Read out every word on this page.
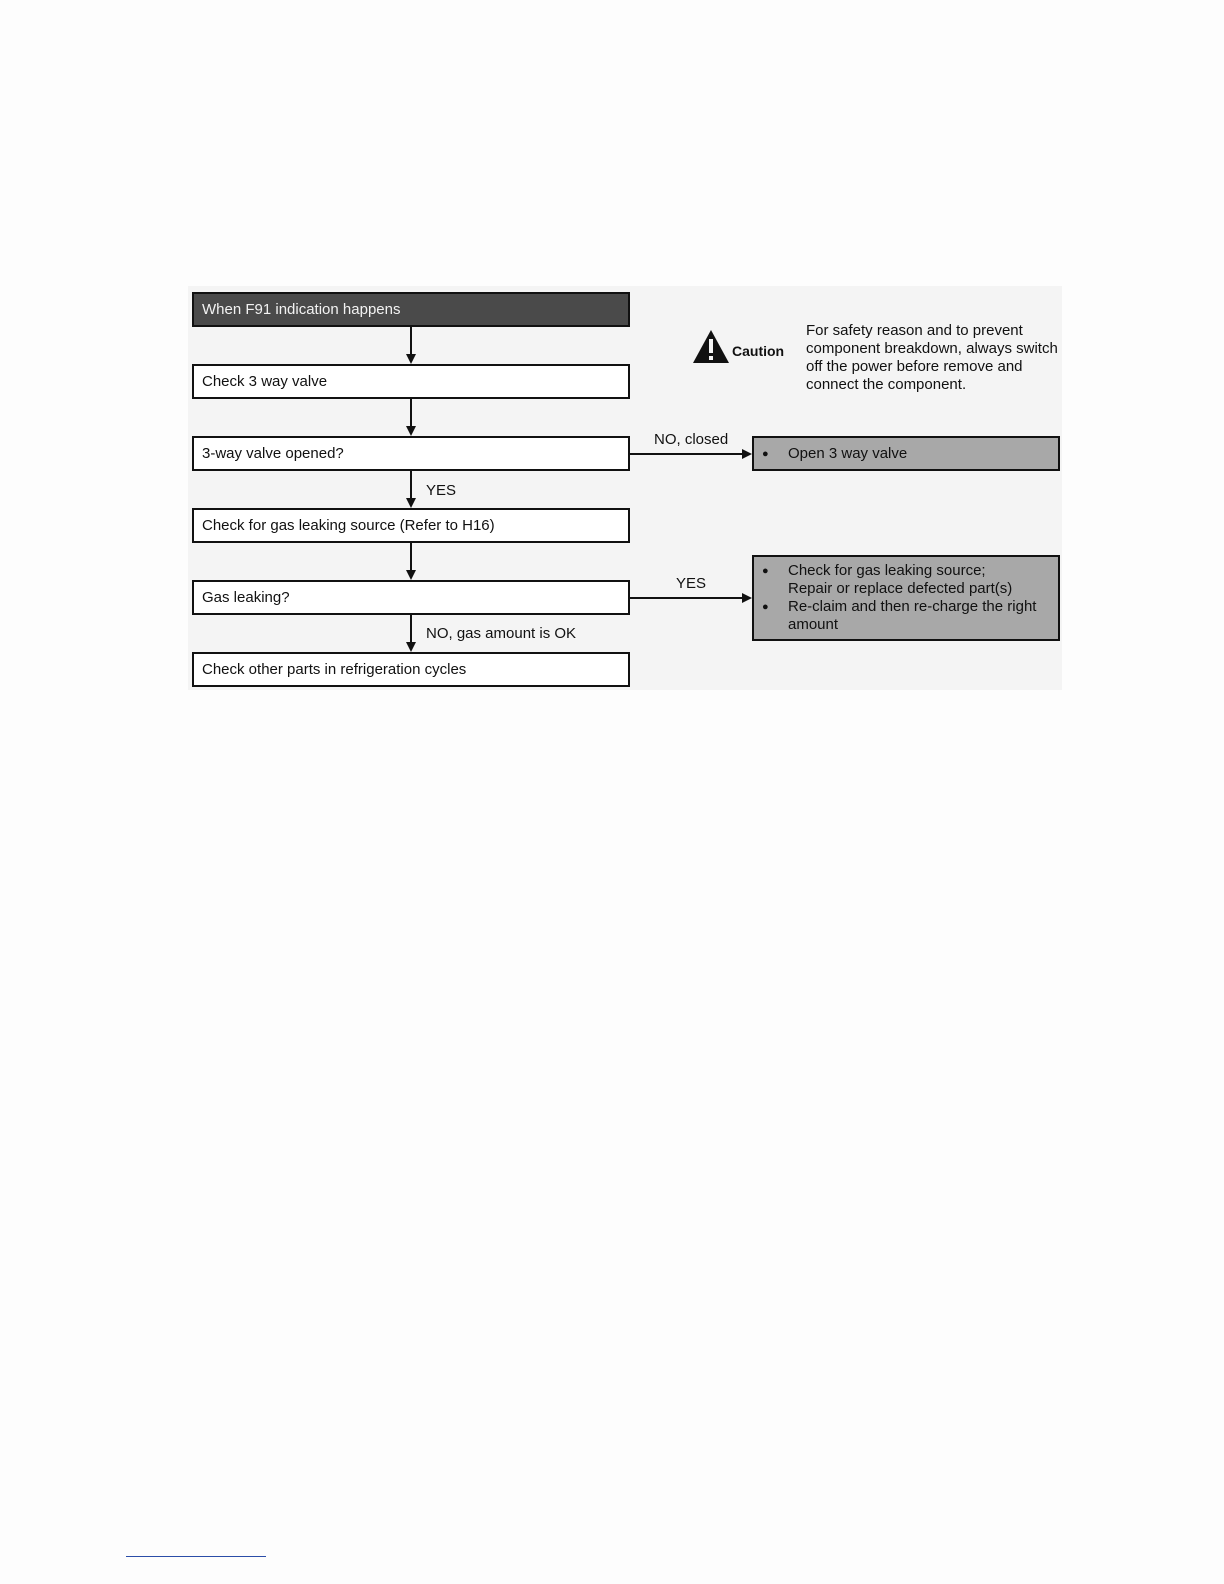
When F91 indication happens
Check 3 way valve
3-way valve opened?
Check for gas leaking source (Refer to H16)
Gas leaking?
Check other parts in refrigeration cycles
NO, closed
YES
YES
NO, gas amount is OK
● Open 3 way valve
● Check for gas leaking source;
Repair or replace defected part(s)
● Re-claim and then re-charge the right amount
Caution
For safety reason and to prevent
component breakdown, always switch
off the power before remove and
connect the component.
